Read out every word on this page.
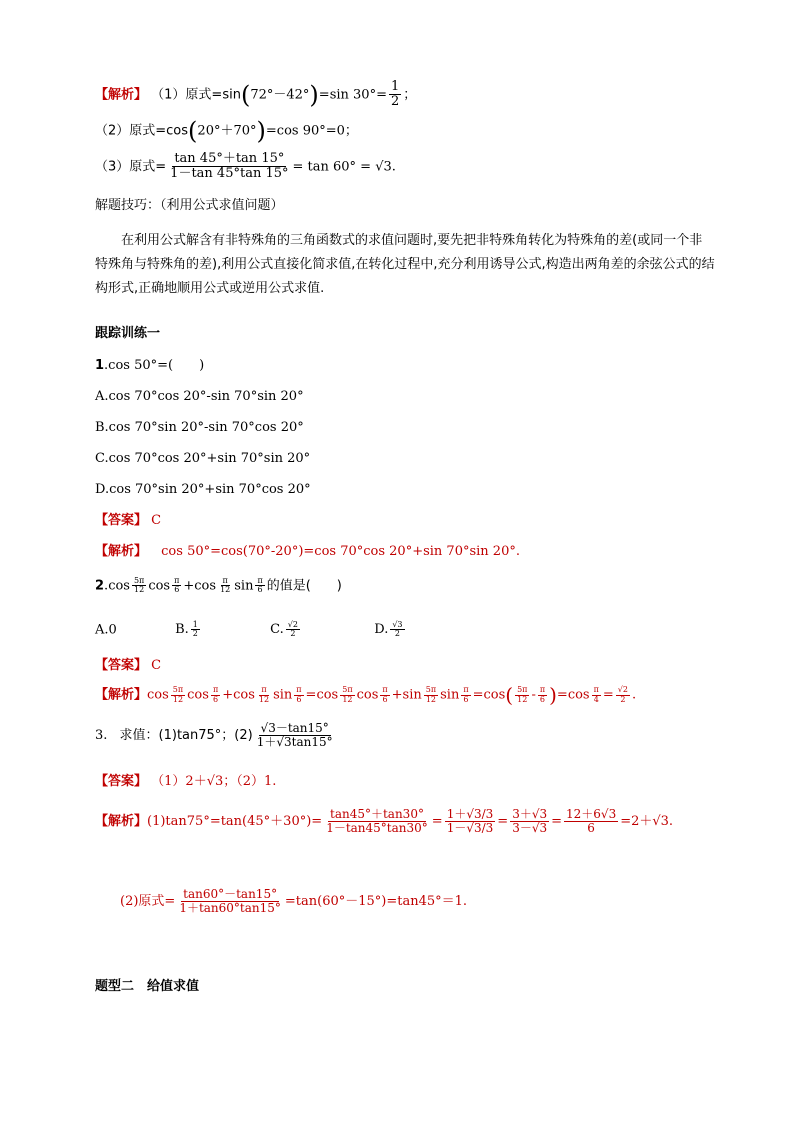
【解析】 （1）原式=sin(72°－42°)=sin $30^\circ= \frac{1}{2}$ ；
（2）原式=cos(20°＋70°)=cos 90°=0；
（3）原式= $\frac{\tan 45^\circ+\tan 15^\circ}{1-\tan 45^\circ\tan 15^\circ} = \tan 60^\circ = √3$.
解题技巧：（利用公式求值问题）
在利用公式解含有非特殊角的三角函数式的求值问题时,要先把非特殊角转化为特殊角的差(或同一个非特殊角与特殊角的差),利用公式直接化简求值,在转化过程中,充分利用诱导公式,构造出两角差的余弦公式的结构形式,正确地顺用公式或逆用公式求值.
跟踪训练一
1.cos 50°=(　　)
A.cos 70°cos 20°-sin 70°sin 20°
B.cos 70°sin 20°-sin 70°cos 20°
C.cos 70°cos 20°+sin 70°sin 20°
D.cos 70°sin 20°+sin 70°cos 20°
【答案】 C
【解析】 cos 50°=cos(70°-20°)=cos 70°cos 20°+sin 70°sin 20°.
$2.\cos \frac{5\pi}{12}$ $\cos \frac{\pi}{6} +\cos \frac{\pi}{12}$ $\sin \frac{\pi}{6}$ 的值是(　　)
A.0	B. $\frac{1}{2}$	C. $\frac{√2}{2}$	D. $\frac{√3}{2}$
【答案】 C
【解析】$\cos \frac{5\pi}{12}$ $\cos \frac{\pi}{6} +\cos \frac{\pi}{12}$ $\sin \frac{\pi}{6} =\cos \frac{5\pi}{12}$ $\cos \frac{\pi}{6} +\sin \frac{5\pi}{12}$ $\sin \frac{\pi}{6} =\cos( \frac{5\pi}{12} - \frac{\pi}{6} )=\cos \frac{\pi}{4} = \frac{√2}{2}$ .
3. 求值：(1)tan75°；$(2) \frac{√3-\tan 15^\circ}{1+√3\tan 15^\circ}$
【答案】 （1）2＋√3；（2）1.
【解析】$(1)\tan 75^\circ=\tan(45^\circ+30^\circ)= \frac{\tan 45^\circ+\tan 30^\circ}{1-\tan 45^\circ\tan 30^\circ} = \frac{1+√3/3}{1-√3/3} = \frac{3+√3}{3-√3} = \frac{12+6√3}{6} =2+√3$.
(2)原式= $\frac{\tan 60^\circ-\tan 15^\circ}{1+\tan 60^\circ\tan 15^\circ} =\tan(60^\circ-15^\circ)=\tan 45^\circ=1$.
题型二　给值求值
